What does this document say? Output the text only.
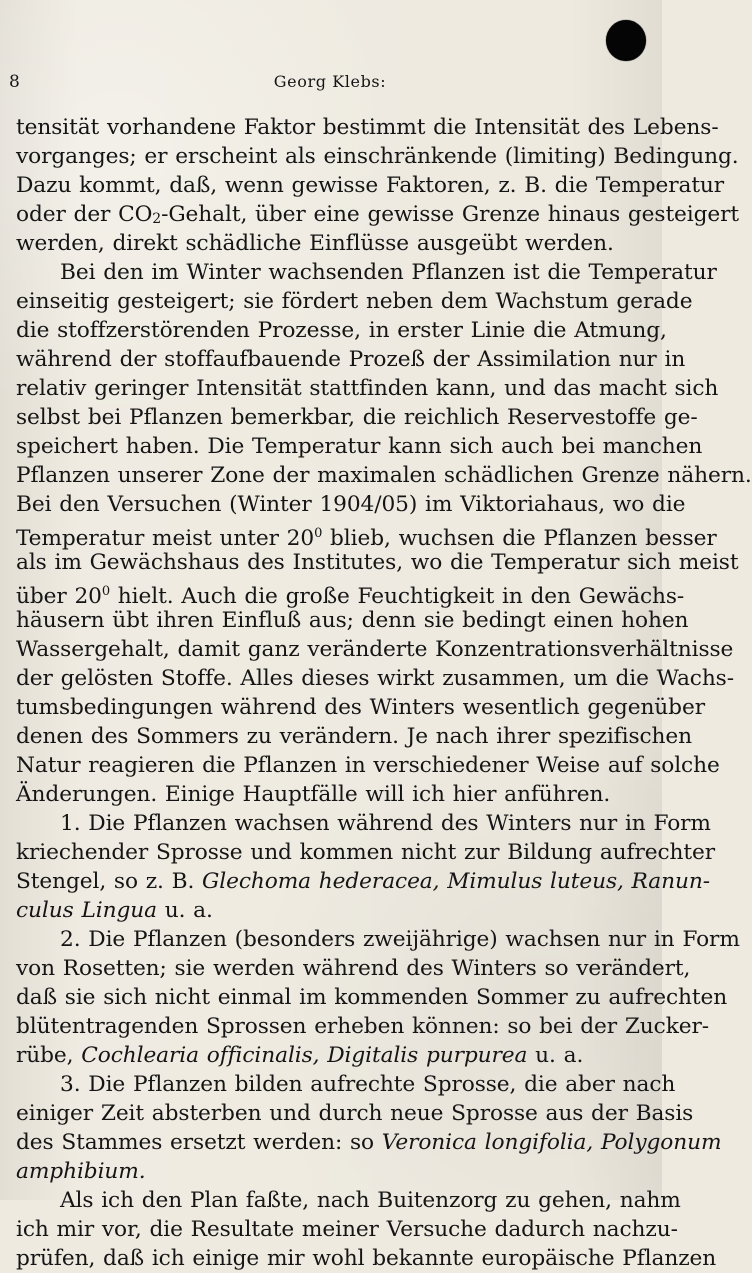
8	Georg Klebs:
tensität vorhandene Faktor bestimmt die Intensität des Lebens-
vorganges; er erscheint als einschränkende (limiting) Bedingung.
Dazu kommt, daß, wenn gewisse Faktoren, z. B. die Temperatur
oder der CO2-Gehalt, über eine gewisse Grenze hinaus gesteigert
werden, direkt schädliche Einflüsse ausgeübt werden.
Bei den im Winter wachsenden Pflanzen ist die Temperatur
einseitig gesteigert; sie fördert neben dem Wachstum gerade
die stoffzerstörenden Prozesse, in erster Linie die Atmung,
während der stoffaufbauende Prozeß der Assimilation nur in
relativ geringer Intensität stattfinden kann, und das macht sich
selbst bei Pflanzen bemerkbar, die reichlich Reservestoffe ge-
speichert haben. Die Temperatur kann sich auch bei manchen
Pflanzen unserer Zone der maximalen schädlichen Grenze nähern.
Bei den Versuchen (Winter 1904/05) im Viktoriahaus, wo die
Temperatur meist unter $20^0$ blieb, wuchsen die Pflanzen besser
als im Gewächshaus des Institutes, wo die Temperatur sich meist
über $20^0$ hielt. Auch die große Feuchtigkeit in den Gewächs-
häusern übt ihren Einfluß aus; denn sie bedingt einen hohen
Wassergehalt, damit ganz veränderte Konzentrationsverhältnisse
der gelösten Stoffe. Alles dieses wirkt zusammen, um die Wachs-
tumsbedingungen während des Winters wesentlich gegenüber
denen des Sommers zu verändern. Je nach ihrer spezifischen
Natur reagieren die Pflanzen in verschiedener Weise auf solche
Änderungen. Einige Hauptfälle will ich hier anführen.
1. Die Pflanzen wachsen während des Winters nur in Form
kriechender Sprosse und kommen nicht zur Bildung aufrechter
Stengel, so z. B. Glechoma hederacea, Mimulus luteus, Ranun-
culus Lingua u. a.
2. Die Pflanzen (besonders zweijährige) wachsen nur in Form
von Rosetten; sie werden während des Winters so verändert,
daß sie sich nicht einmal im kommenden Sommer zu aufrechten
blütentragenden Sprossen erheben können: so bei der Zucker-
rübe, Cochlearia officinalis, Digitalis purpurea u. a.
3. Die Pflanzen bilden aufrechte Sprosse, die aber nach
einiger Zeit absterben und durch neue Sprosse aus der Basis
des Stammes ersetzt werden: so Veronica longifolia, Polygonum
amphibium.
Als ich den Plan faßte, nach Buitenzorg zu gehen, nahm
ich mir vor, die Resultate meiner Versuche dadurch nachzu-
prüfen, daß ich einige mir wohl bekannte europäische Pflanzen
